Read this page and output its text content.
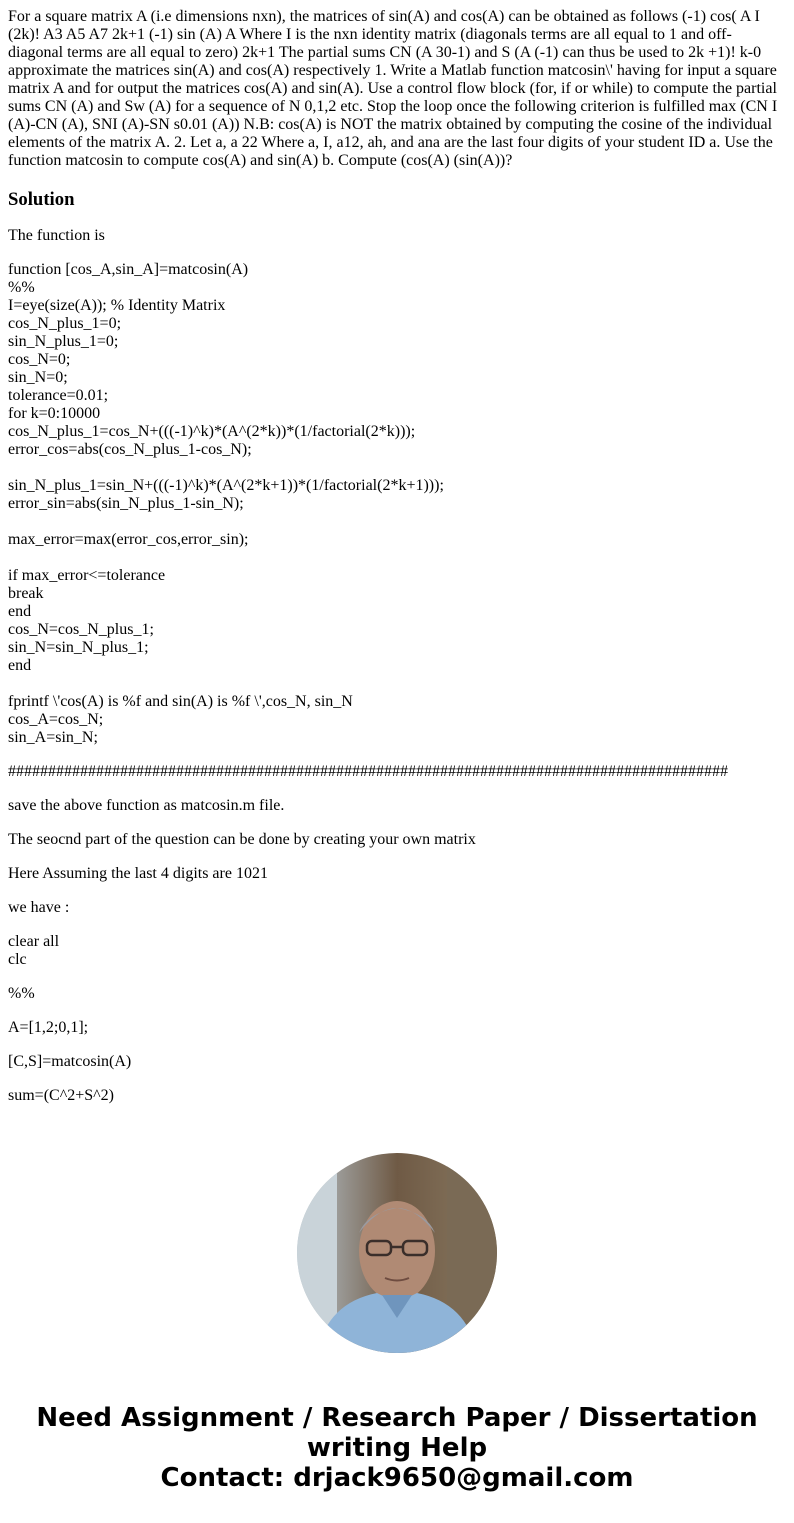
For a square matrix A (i.e dimensions nxn), the matrices of sin(A) and cos(A) can be obtained as follows (-1) cos( A I (2k)! A3 A5 A7 2k+1 (-1) sin (A) A Where I is the nxn identity matrix (diagonals terms are all equal to 1 and off-diagonal terms are all equal to zero) 2k+1 The partial sums CN (A 30-1) and S (A (-1) can thus be used to 2k +1)! k-0 approximate the matrices sin(A) and cos(A) respectively 1. Write a Matlab function matcosin\' having for input a square matrix A and for output the matrices cos(A) and sin(A). Use a control flow block (for, if or while) to compute the partial sums CN (A) and Sw (A) for a sequence of N 0,1,2 etc. Stop the loop once the following criterion is fulfilled max (CN I (A)-CN (A), SNI (A)-SN s0.01 (A)) N.B: cos(A) is NOT the matrix obtained by computing the cosine of the individual elements of the matrix A. 2. Let a, a 22 Where a, I, a12, ah, and ana are the last four digits of your student ID a. Use the function matcosin to compute cos(A) and sin(A) b. Compute (cos(A) (sin(A))?

Solution

The function is

function [cos_A,sin_A]=matcosin(A)
%%
I=eye(size(A)); % Identity Matrix
cos_N_plus_1=0;
sin_N_plus_1=0;
cos_N=0;
sin_N=0;
tolerance=0.01;
for k=0:10000
cos_N_plus_1=cos_N+(((-1)^k)*(A^(2*k))*(1/factorial(2*k)));
error_cos=abs(cos_N_plus_1-cos_N);
sin_N_plus_1=sin_N+(((-1)^k)*(A^(2*k+1))*(1/factorial(2*k+1)));
error_sin=abs(sin_N_plus_1-sin_N);
max_error=max(error_cos,error_sin);
if max_error<=tolerance
break
end
cos_N=cos_N_plus_1;
sin_N=sin_N_plus_1;
end
fprintf \'cos(A) is %f and sin(A) is %f \',cos_N, sin_N
cos_A=cos_N;
sin_A=sin_N;
##########################################################################################

save the above function as matcosin.m file.

The seocnd part of the question can be done by creating your own matrix

Here Assuming the last 4 digits are 1021

we have :

clear all
clc

%%

A=[1,2;0,1];

[C,S]=matcosin(A)

sum=(C^2+S^2)

Need Assignment / Research Paper / Dissertation
writing Help
Contact: drjack9650@gmail.com
